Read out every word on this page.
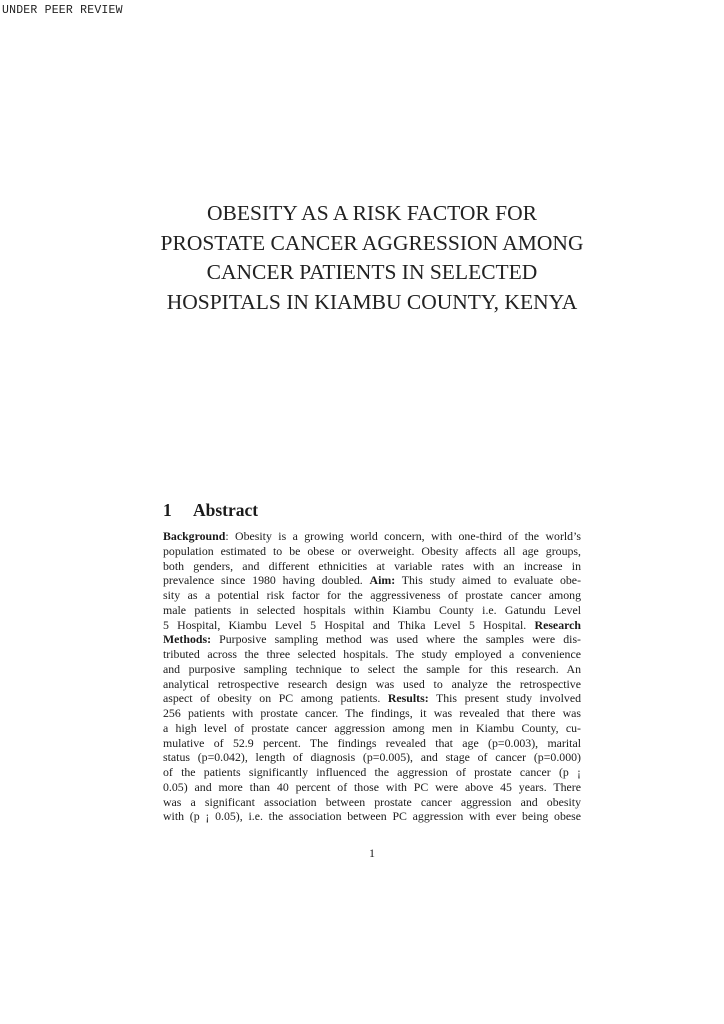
UNDER PEER REVIEW
OBESITY AS A RISK FACTOR FOR
PROSTATE CANCER AGGRESSION AMONG
CANCER PATIENTS IN SELECTED
HOSPITALS IN KIAMBU COUNTY, KENYA
1 Abstract
Background: Obesity is a growing world concern, with one-third of the world’s
population estimated to be obese or overweight. Obesity affects all age groups,
both genders, and different ethnicities at variable rates with an increase in
prevalence since 1980 having doubled. Aim: This study aimed to evaluate obe-
sity as a potential risk factor for the aggressiveness of prostate cancer among
male patients in selected hospitals within Kiambu County i.e. Gatundu Level
5 Hospital, Kiambu Level 5 Hospital and Thika Level 5 Hospital. Research
Methods: Purposive sampling method was used where the samples were dis-
tributed across the three selected hospitals. The study employed a convenience
and purposive sampling technique to select the sample for this research. An
analytical retrospective research design was used to analyze the retrospective
aspect of obesity on PC among patients. Results: This present study involved
256 patients with prostate cancer. The findings, it was revealed that there was
a high level of prostate cancer aggression among men in Kiambu County, cu-
mulative of 52.9 percent. The findings revealed that age (p=0.003), marital
status (p=0.042), length of diagnosis (p=0.005), and stage of cancer (p=0.000)
of the patients significantly influenced the aggression of prostate cancer (p ¡
0.05) and more than 40 percent of those with PC were above 45 years. There
was a significant association between prostate cancer aggression and obesity
with (p ¡ 0.05), i.e. the association between PC aggression with ever being obese
1
